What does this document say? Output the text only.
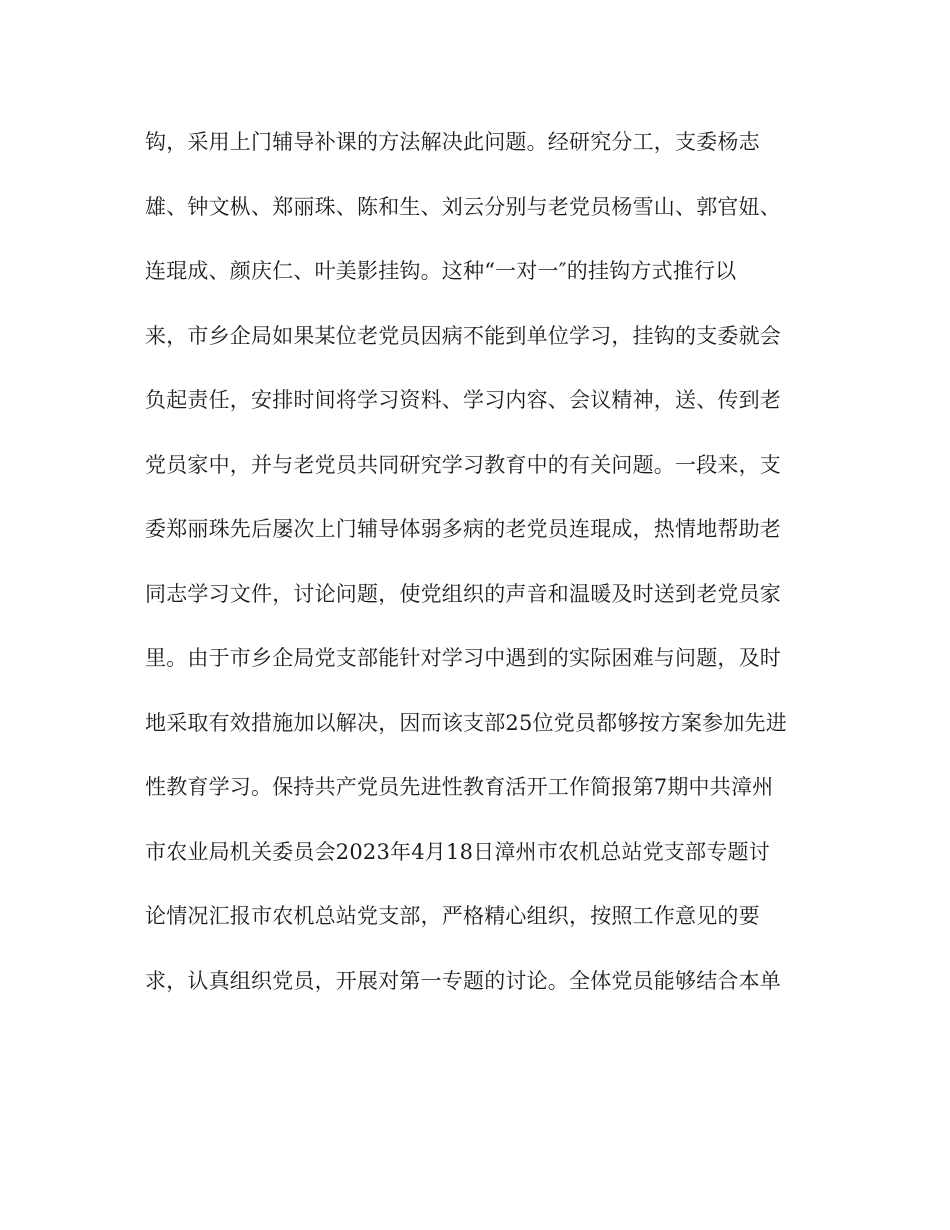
钩，采用上门辅导补课的方法解决此问题。经研究分工，支委杨志
雄、钟文枞、郑丽珠、陈和生、刘云分别与老党员杨雪山、郭官妞、
连琨成、颜庆仁、叶美影挂钩。这种“一对一″的挂钩方式推行以
来，市乡企局如果某位老党员因病不能到单位学习，挂钩的支委就会
负起责任，安排时间将学习资料、学习内容、会议精神，送、传到老
党员家中，并与老党员共同研究学习教育中的有关问题。一段来，支
委郑丽珠先后屡次上门辅导体弱多病的老党员连琨成，热情地帮助老
同志学习文件，讨论问题，使党组织的声音和温暖及时送到老党员家
里。由于市乡企局党支部能针对学习中遇到的实际困难与问题，及时
地采取有效措施加以解决，因而该支部25位党员都够按方案参加先进
性教育学习。保持共产党员先进性教育活开工作简报第7期中共漳州
市农业局机关委员会2023年4月18日漳州市农机总站党支部专题讨
论情况汇报市农机总站党支部，严格精心组织，按照工作意见的要
求，认真组织党员，开展对第一专题的讨论。全体党员能够结合本单
